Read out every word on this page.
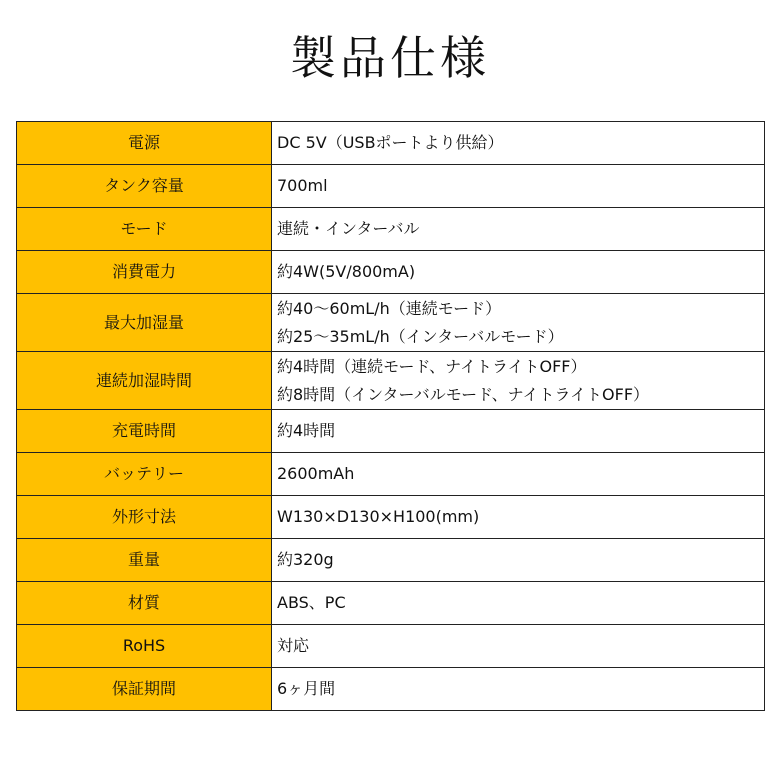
製品仕様
電源	DC 5V（USBポートより供給）

タンク容量	700ml

モード	連続・インターバル

消費電力	約4W(5V/800mA)

最大加湿量	約40～60mL/h（連続モード）
約25～35mL/h（インターバルモード）

連続加湿時間	約4時間（連続モード、ナイトライトOFF）
約8時間（インターバルモード、ナイトライトOFF）

充電時間	約4時間

バッテリー	2600mAh

外形寸法	W130×D130×H100(mm)

重量	約320g

材質	ABS、PC

RoHS	対応

保証期間	6ヶ月間
